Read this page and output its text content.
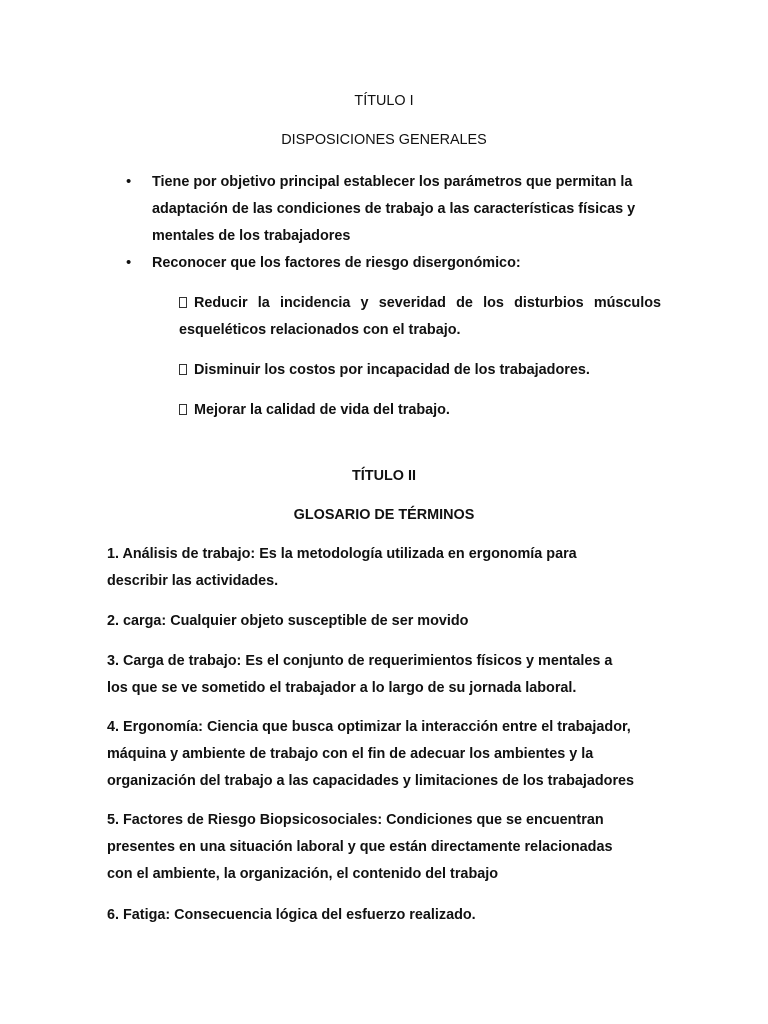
TÍTULO I
DISPOSICIONES GENERALES
• Tiene por objetivo principal establecer los parámetros que permitan la
adaptación de las condiciones de trabajo a las características físicas y
mentales de los trabajadores
• Reconocer que los factores de riesgo disergonómico:
Reducir la incidencia y severidad de los disturbios músculos
esqueléticos relacionados con el trabajo.
Disminuir los costos por incapacidad de los trabajadores.
Mejorar la calidad de vida del trabajo.
TÍTULO II
GLOSARIO DE TÉRMINOS
1. Análisis de trabajo: Es la metodología utilizada en ergonomía para
describir las actividades.
2. carga: Cualquier objeto susceptible de ser movido
3. Carga de trabajo: Es el conjunto de requerimientos físicos y mentales a
los que se ve sometido el trabajador a lo largo de su jornada laboral.
4. Ergonomía: Ciencia que busca optimizar la interacción entre el trabajador,
máquina y ambiente de trabajo con el fin de adecuar los ambientes y la
organización del trabajo a las capacidades y limitaciones de los trabajadores
5. Factores de Riesgo Biopsicosociales: Condiciones que se encuentran
presentes en una situación laboral y que están directamente relacionadas
con el ambiente, la organización, el contenido del trabajo
6. Fatiga: Consecuencia lógica del esfuerzo realizado.
